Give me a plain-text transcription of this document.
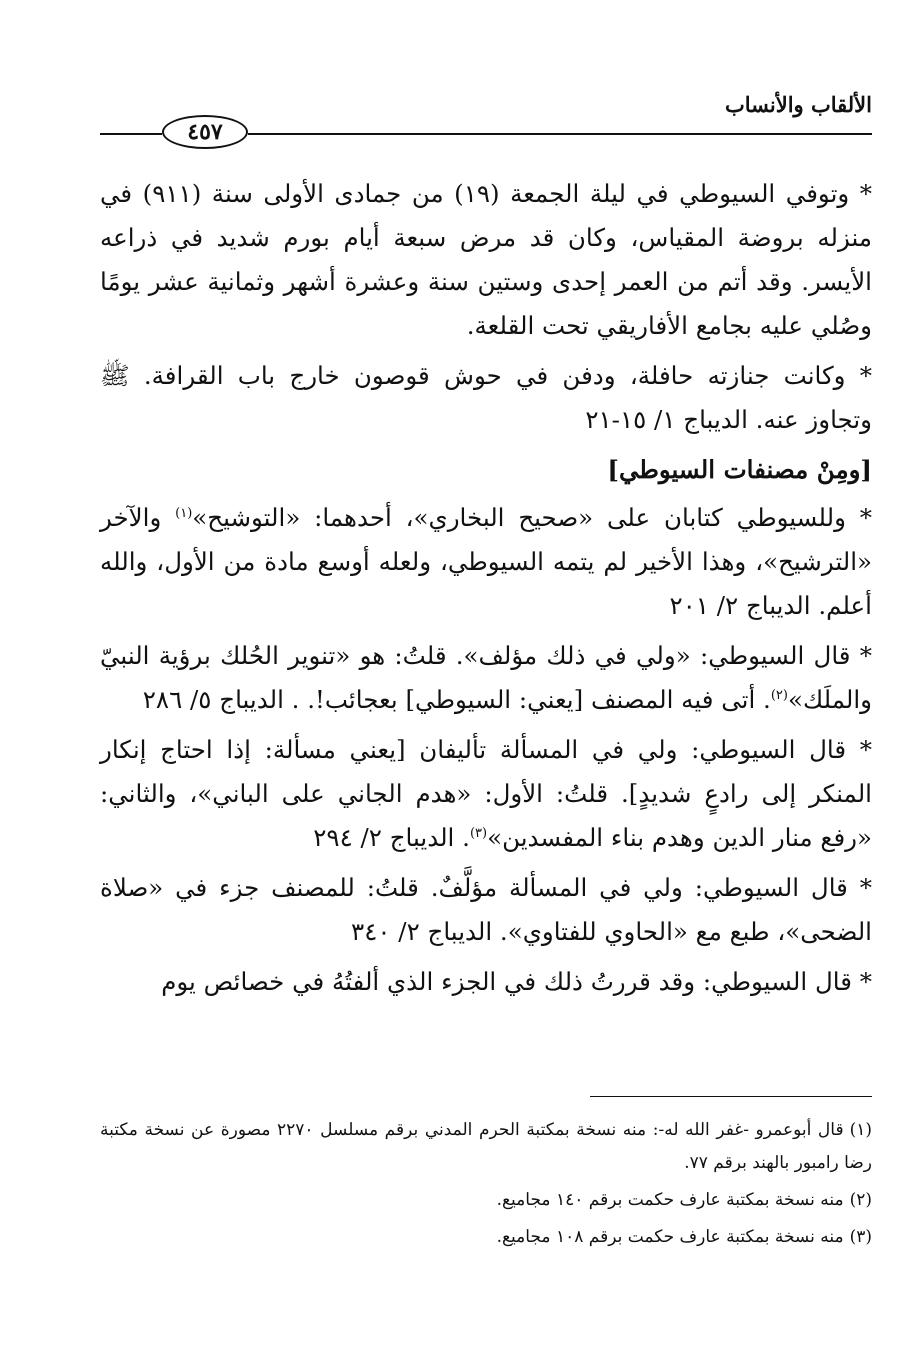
الألقاب والأنساب
٤٥٧

* وتوفي السيوطي في ليلة الجمعة (١٩) من جمادى الأولى سنة (٩١١) في منزله بروضة المقياس، وكان قد مرض سبعة أيام بورم شديد في ذراعه الأيسر. وقد أتم من العمر إحدى وستين سنة وعشرة أشهر وثمانية عشر يومًا وصُلي عليه بجامع الأفاريقي تحت القلعة.

* وكانت جنازته حافلة، ودفن في حوش قوصون خارج باب القرافة. ﷺ وتجاوز عنه. الديباج ١/ ١٥-٢١

[ومِنْ مصنفات السيوطي]

* وللسيوطي كتابان على «صحيح البخاري»، أحدهما: «التوشيح»$^{(١)}$ والآخر «الترشيح»، وهذا الأخير لم يتمه السيوطي، ولعله أوسع مادة من الأول، والله أعلم. الديباج ٢/ ٢٠١

* قال السيوطي: «ولي في ذلك مؤلف». قلتُ: هو «تنوير الحُلك برؤية النبيّ والملَك»$^{(٢)}$. أتى فيه المصنف [يعني: السيوطي] بعجائب!. . الديباج ٥/ ٢٨٦

* قال السيوطي: ولي في المسألة تأليفان [يعني مسألة: إذا احتاج إنكار المنكر إلى رادعٍ شديدٍ]. قلتُ: الأول: «هدم الجاني على الباني»، والثاني: «رفع منار الدين وهدم بناء المفسدين»$^{(٣)}$. الديباج ٢/ ٢٩٤

* قال السيوطي: ولي في المسألة مؤلَّفٌ. قلتُ: للمصنف جزء في «صلاة الضحى»، طبع مع «الحاوي للفتاوي». الديباج ٢/ ٣٤٠

* قال السيوطي: وقد قررتُ ذلك في الجزء الذي ألفتُهُ في خصائص يوم

(١)قال أبوعمرو -غفر الله له-: منه نسخة بمكتبة الحرم المدني برقم مسلسل ٢٢٧٠ مصورة عن نسخة مكتبة رضا رامبور بالهند برقم ٧٧.

(٢)منه نسخة بمكتبة عارف حكمت برقم ١٤٠ مجاميع.

(٣)منه نسخة بمكتبة عارف حكمت برقم ١٠٨ مجاميع.
